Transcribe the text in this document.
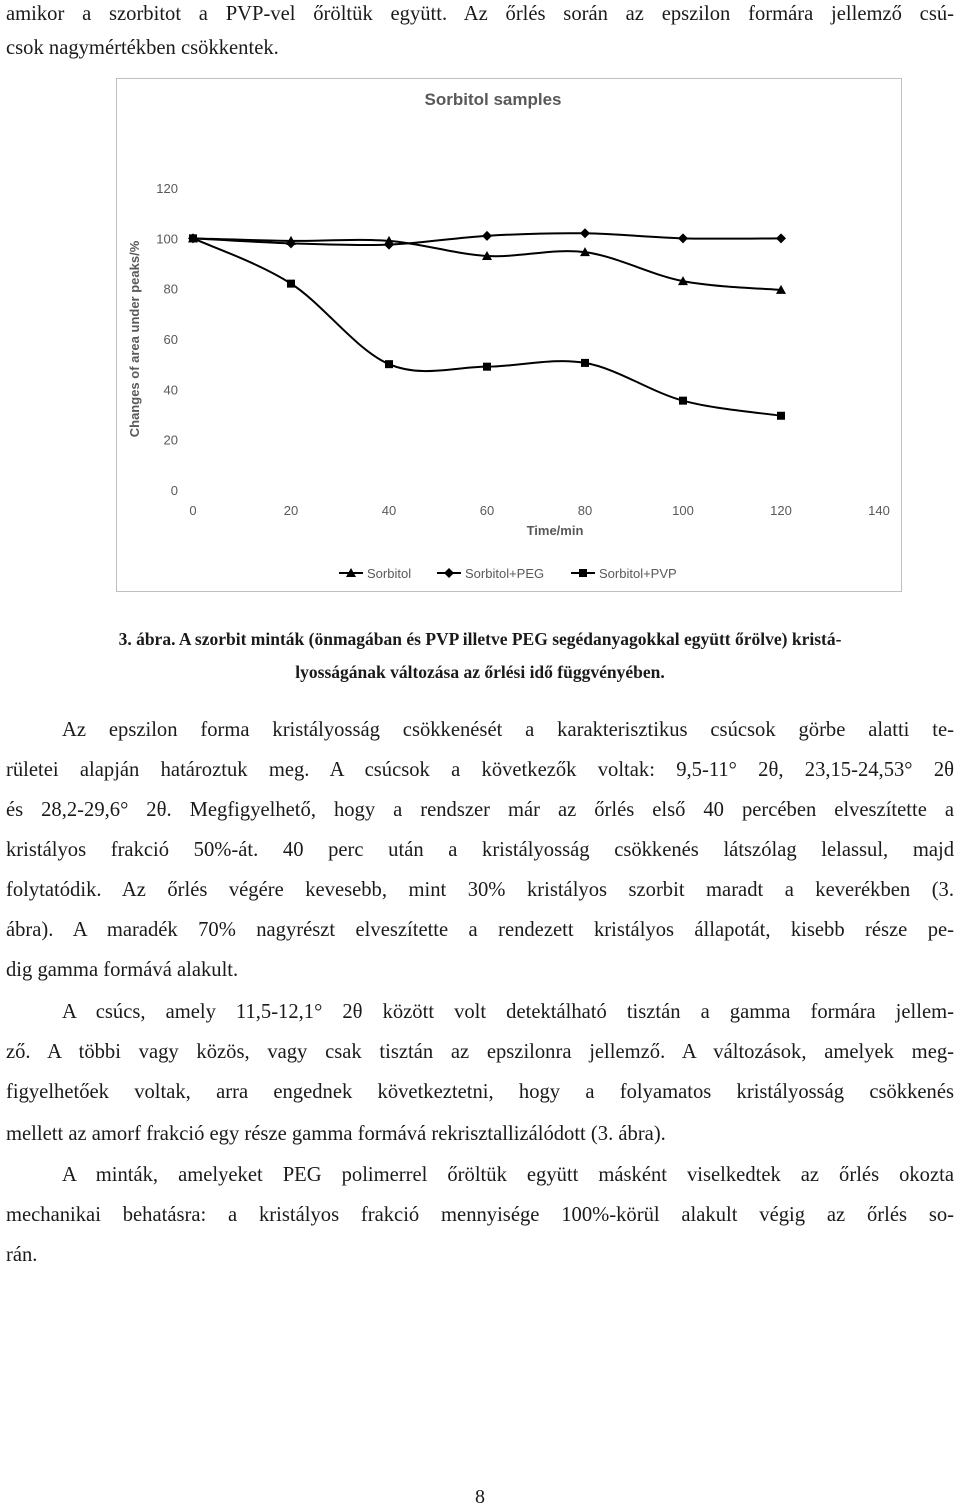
amikor a szorbitot a PVP-vel őröltük együtt. Az őrlés során az epszilon formára jellemző csú-

csok nagymértékben csökkentek.

Sorbitol samples
0
20
40
60
80
100
120
0	20	40	60	80	100	120	140
Time/min
Changes of area under peaks/%
Sorbitol	Sorbitol+PEG	Sorbitol+PVP
3. ábra. A szorbit minták (önmagában és PVP illetve PEG segédanyagokkal együtt őrölve) kristá-
lyosságának változása az őrlési idő függvényében.

Az epszilon forma kristályosság csökkenését a karakterisztikus csúcsok görbe alatti te-

rületei alapján határoztuk meg. A csúcsok a következők voltak: 9,5-11° 2θ, 23,15-24,53° 2θ

és 28,2-29,6° 2θ. Megfigyelhető, hogy a rendszer már az őrlés első 40 percében elveszítette a

kristályos frakció 50%-át. 40 perc után a kristályosság csökkenés látszólag lelassul, majd

folytatódik. Az őrlés végére kevesebb, mint 30% kristályos szorbit maradt a keverékben (3.

ábra). A maradék 70% nagyrészt elveszítette a rendezett kristályos állapotát, kisebb része pe-

dig gamma formává alakult.

A csúcs, amely 11,5-12,1° 2θ között volt detektálható tisztán a gamma formára jellem-

ző. A többi vagy közös, vagy csak tisztán az epszilonra jellemző. A változások, amelyek meg-

figyelhetőek voltak, arra engednek következtetni, hogy a folyamatos kristályosság csökkenés

mellett az amorf frakció egy része gamma formává rekrisztallizálódott (3. ábra).

A minták, amelyeket PEG polimerrel őröltük együtt másként viselkedtek az őrlés okozta

mechanikai behatásra: a kristályos frakció mennyisége 100%-körül alakult végig az őrlés so-

rán.

8
